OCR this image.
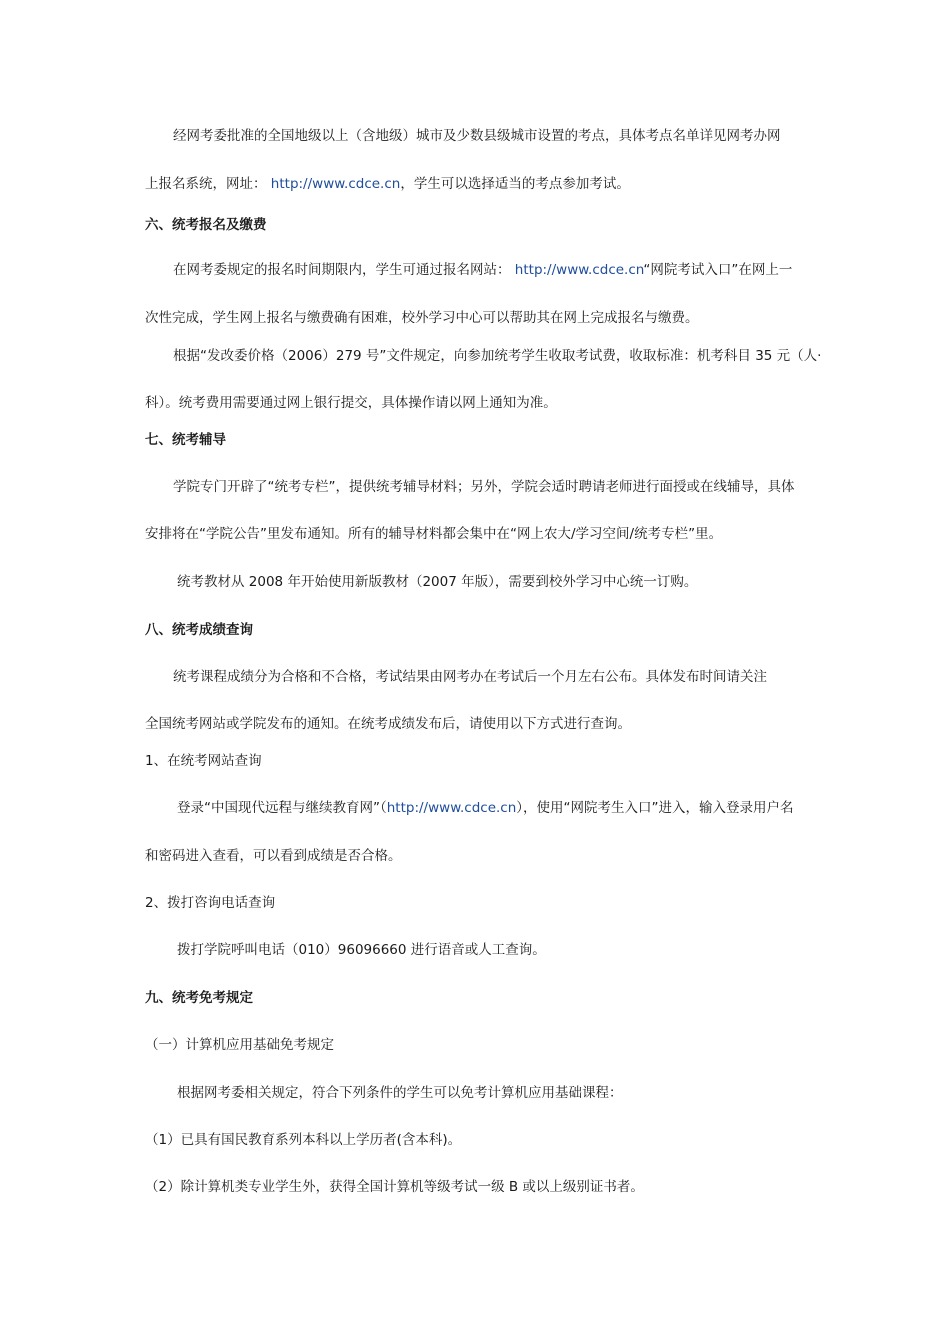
经网考委批准的全国地级以上（含地级）城市及少数县级城市设置的考点，具体考点名单详见网考办网
上报名系统，网址： http://www.cdce.cn，学生可以选择适当的考点参加考试。
六、统考报名及缴费
在网考委规定的报名时间期限内，学生可通过报名网站： http://www.cdce.cn“网院考试入口”在网上一
次性完成，学生网上报名与缴费确有困难，校外学习中心可以帮助其在网上完成报名与缴费。
根据“发改委价格（2006）279 号”文件规定，向参加统考学生收取考试费，收取标准：机考科目 35 元（人·
科）。统考费用需要通过网上银行提交，具体操作请以网上通知为准。
七、统考辅导
学院专门开辟了“统考专栏”，提供统考辅导材料；另外，学院会适时聘请老师进行面授或在线辅导，具体
安排将在“学院公告”里发布通知。所有的辅导材料都会集中在“网上农大/学习空间/统考专栏”里。
统考教材从 2008 年开始使用新版教材（2007 年版），需要到校外学习中心统一订购。
八、统考成绩查询
统考课程成绩分为合格和不合格，考试结果由网考办在考试后一个月左右公布。具体发布时间请关注
全国统考网站或学院发布的通知。在统考成绩发布后，请使用以下方式进行查询。
1、在统考网站查询
登录“中国现代远程与继续教育网”（http://www.cdce.cn），使用“网院考生入口”进入，输入登录用户名
和密码进入查看，可以看到成绩是否合格。
2、拨打咨询电话查询
拨打学院呼叫电话（010）96096660 进行语音或人工查询。
九、统考免考规定
（一）计算机应用基础免考规定
根据网考委相关规定，符合下列条件的学生可以免考计算机应用基础课程：
（1）已具有国民教育系列本科以上学历者(含本科)。
（2）除计算机类专业学生外，获得全国计算机等级考试一级 B 或以上级别证书者。
